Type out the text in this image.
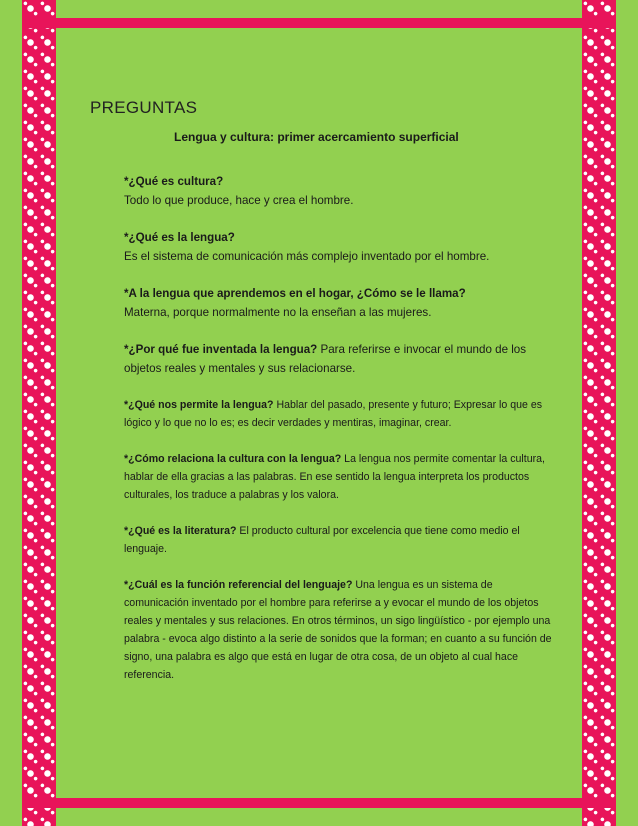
PREGUNTAS
Lengua y cultura: primer acercamiento superficial
*¿Qué es cultura?
Todo lo que produce, hace y crea el hombre.
*¿Qué es la lengua?
Es el sistema de comunicación más complejo inventado por el hombre.
*A la lengua que aprendemos en el hogar, ¿Cómo se le llama?
Materna, porque normalmente no la enseñan a las mujeres.
*¿Por qué fue inventada la lengua? Para referirse e invocar el mundo de los objetos reales y mentales y sus relacionarse.
*¿Qué nos permite la lengua? Hablar del pasado, presente y futuro; Expresar lo que es lógico y lo que no lo es; es decir verdades y mentiras, imaginar, crear.
*¿Cómo relaciona la cultura con la lengua? La lengua nos permite comentar la cultura, hablar de ella gracias a las palabras. En ese sentido la lengua interpreta los productos culturales, los traduce a palabras y los valora.
*¿Qué es la literatura? El producto cultural por excelencia que tiene como medio el lenguaje.
*¿Cuál es la función referencial del lenguaje? Una lengua es un sistema de comunicación inventado por el hombre para referirse a y evocar el mundo de los objetos reales y mentales y sus relaciones. En otros términos, un sigo lingüístico - por ejemplo una palabra - evoca algo distinto a la serie de sonidos que la forman; en cuanto a su función de signo, una palabra es algo que está en lugar de otra cosa, de un objeto al cual hace referencia.
